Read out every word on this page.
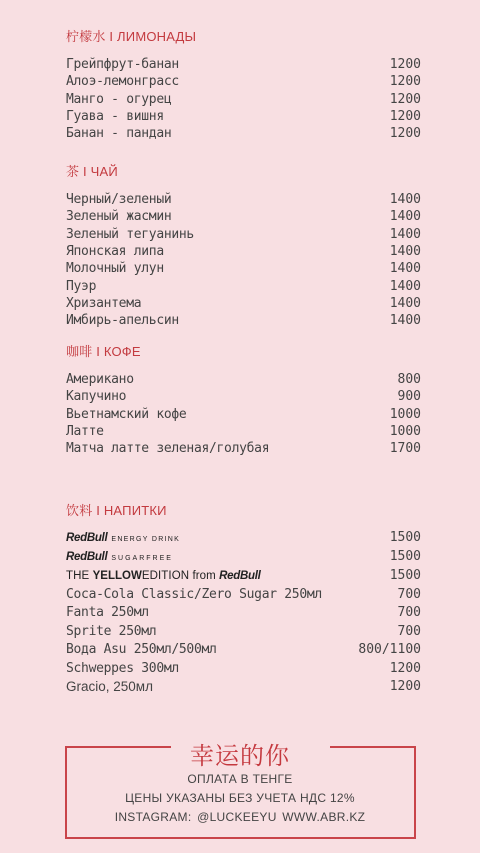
柠檬水 I ЛИМОНАДЫ
Грейпфрут-банан	1200
Алоэ-лемонграсс	1200
Манго - огурец	1200
Гуава - вишня	1200
Банан - пандан	1200
茶 I ЧАЙ
Черный/зеленый	1400
Зеленый жасмин	1400
Зеленый тегуанинь	1400
Японская липа	1400
Молочный улун	1400
Пуэр	1400
Хризантема	1400
Имбирь-апельсин	1400
咖啡 I КОФЕ
Американо	800
Капучино	900
Вьетнамский кофе	1000
Латте	1000
Матча латте зеленая/голубая	1700
饮料 I НАПИТКИ
RedBull ENERGY DRINK	1500
RedBull SUGARFREE	1500
THE YELLOWEDITION from RedBull	1500
Coca-Cola Classic/Zero Sugar 250мл	700
Fanta 250мл	700
Sprite 250мл	700
Вода Asu 250мл/500мл	800/1100
Schweppes 300мл	1200
Gracio, 250мл	1200
幸运的你
ОПЛАТА В ТЕНГЕ
ЦЕНЫ УКАЗАНЫ БЕЗ УЧЕТА НДС 12%
INSTAGRAM: @LUCKEEYU WWW.ABR.KZ
